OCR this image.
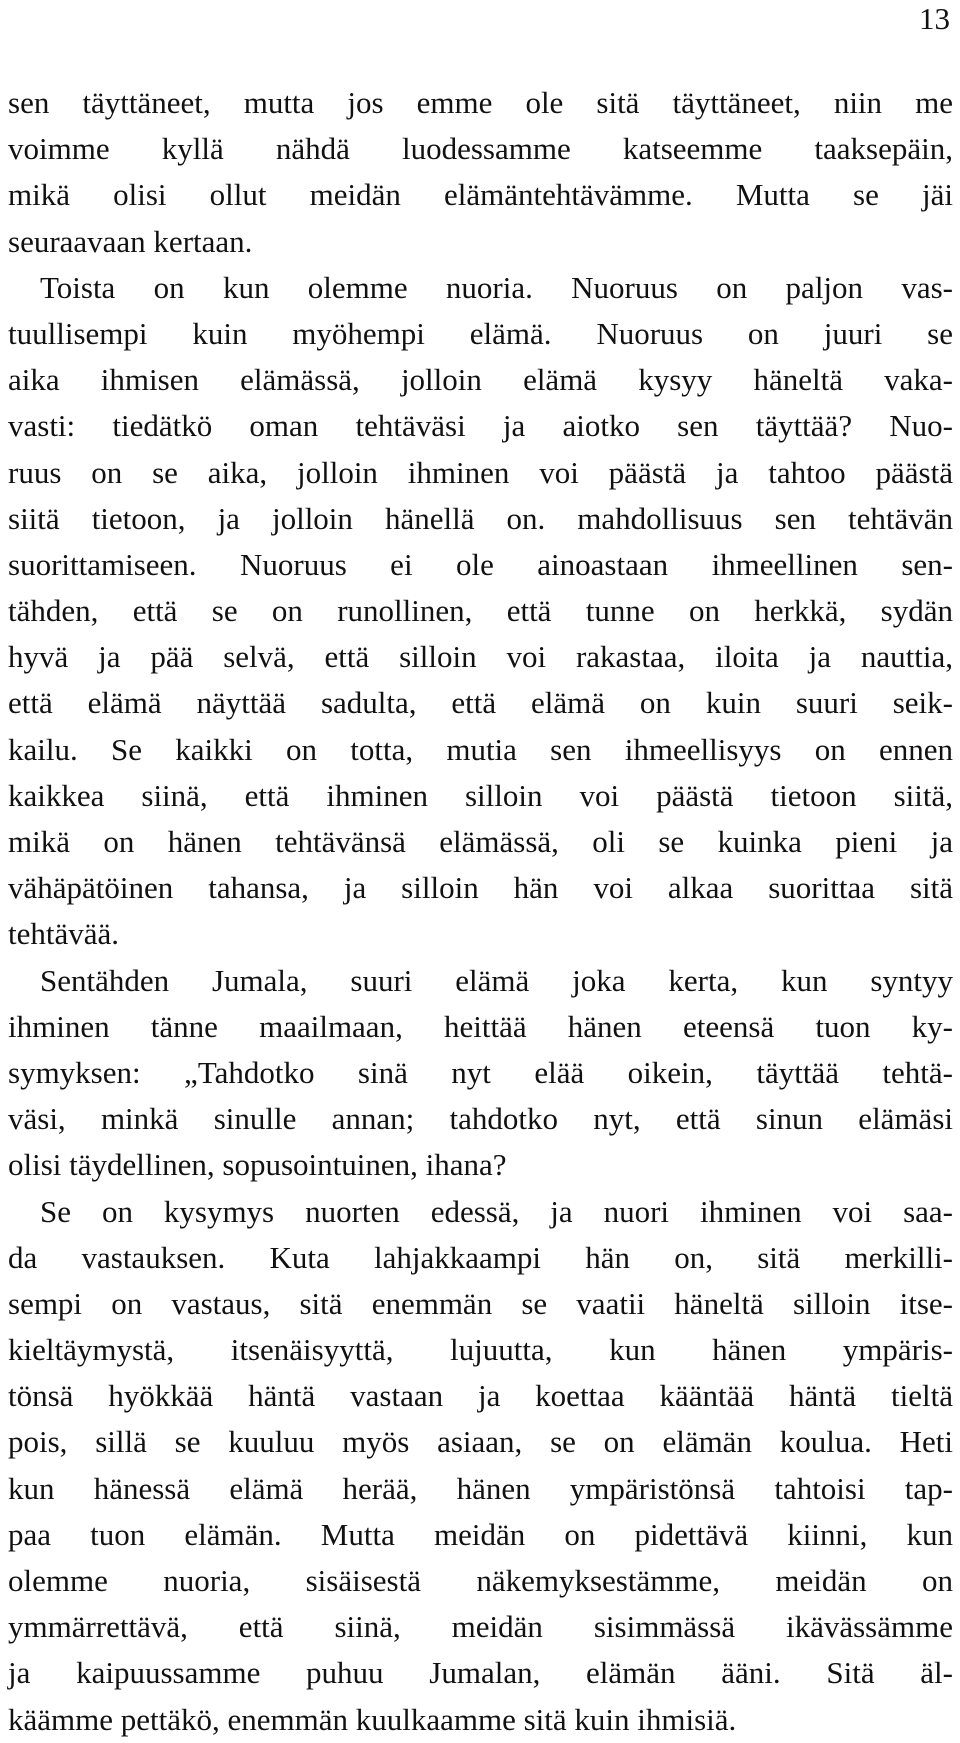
13
sen täyttäneet, mutta jos emme ole sitä täyttäneet, niin me
voimme kyllä nähdä luodessamme katseemme taaksepäin,
mikä olisi ollut meidän elämäntehtävämme. Mutta se jäi
seuraavaan kertaan.
Toista on kun olemme nuoria. Nuoruus on paljon vas-
tuullisempi kuin myöhempi elämä. Nuoruus on juuri se
aika ihmisen elämässä, jolloin elämä kysyy häneltä vaka-
vasti: tiedätkö oman tehtäväsi ja aiotko sen täyttää? Nuo-
ruus on se aika, jolloin ihminen voi päästä ja tahtoo päästä
siitä tietoon, ja jolloin hänellä on. mahdollisuus sen tehtävän
suorittamiseen. Nuoruus ei ole ainoastaan ihmeellinen sen-
tähden, että se on runollinen, että tunne on herkkä, sydän
hyvä ja pää selvä, että silloin voi rakastaa, iloita ja nauttia,
että elämä näyttää sadulta, että elämä on kuin suuri seik-
kailu. Se kaikki on totta, mutia sen ihmeellisyys on ennen
kaikkea siinä, että ihminen silloin voi päästä tietoon siitä,
mikä on hänen tehtävänsä elämässä, oli se kuinka pieni ja
vähäpätöinen tahansa, ja silloin hän voi alkaa suorittaa sitä
tehtävää.
Sentähden Jumala, suuri elämä joka kerta, kun syntyy
ihminen tänne maailmaan, heittää hänen eteensä tuon ky-
symyksen: „Tahdotko sinä nyt elää oikein, täyttää tehtä-
väsi, minkä sinulle annan; tahdotko nyt, että sinun elämäsi
olisi täydellinen, sopusointuinen, ihana?
Se on kysymys nuorten edessä, ja nuori ihminen voi saa-
da vastauksen. Kuta lahjakkaampi hän on, sitä merkilli-
sempi on vastaus, sitä enemmän se vaatii häneltä silloin itse-
kieltäymystä, itsenäisyyttä, lujuutta, kun hänen ympäris-
tönsä hyökkää häntä vastaan ja koettaa kääntää häntä tieltä
pois, sillä se kuuluu myös asiaan, se on elämän koulua. Heti
kun hänessä elämä herää, hänen ympäristönsä tahtoisi tap-
paa tuon elämän. Mutta meidän on pidettävä kiinni, kun
olemme nuoria, sisäisestä näkemyksestämme, meidän on
ymmärrettävä, että siinä, meidän sisimmässä ikävässämme
ja kaipuussamme puhuu Jumalan, elämän ääni. Sitä äl-
käämme pettäkö, enemmän kuulkaamme sitä kuin ihmisiä.
